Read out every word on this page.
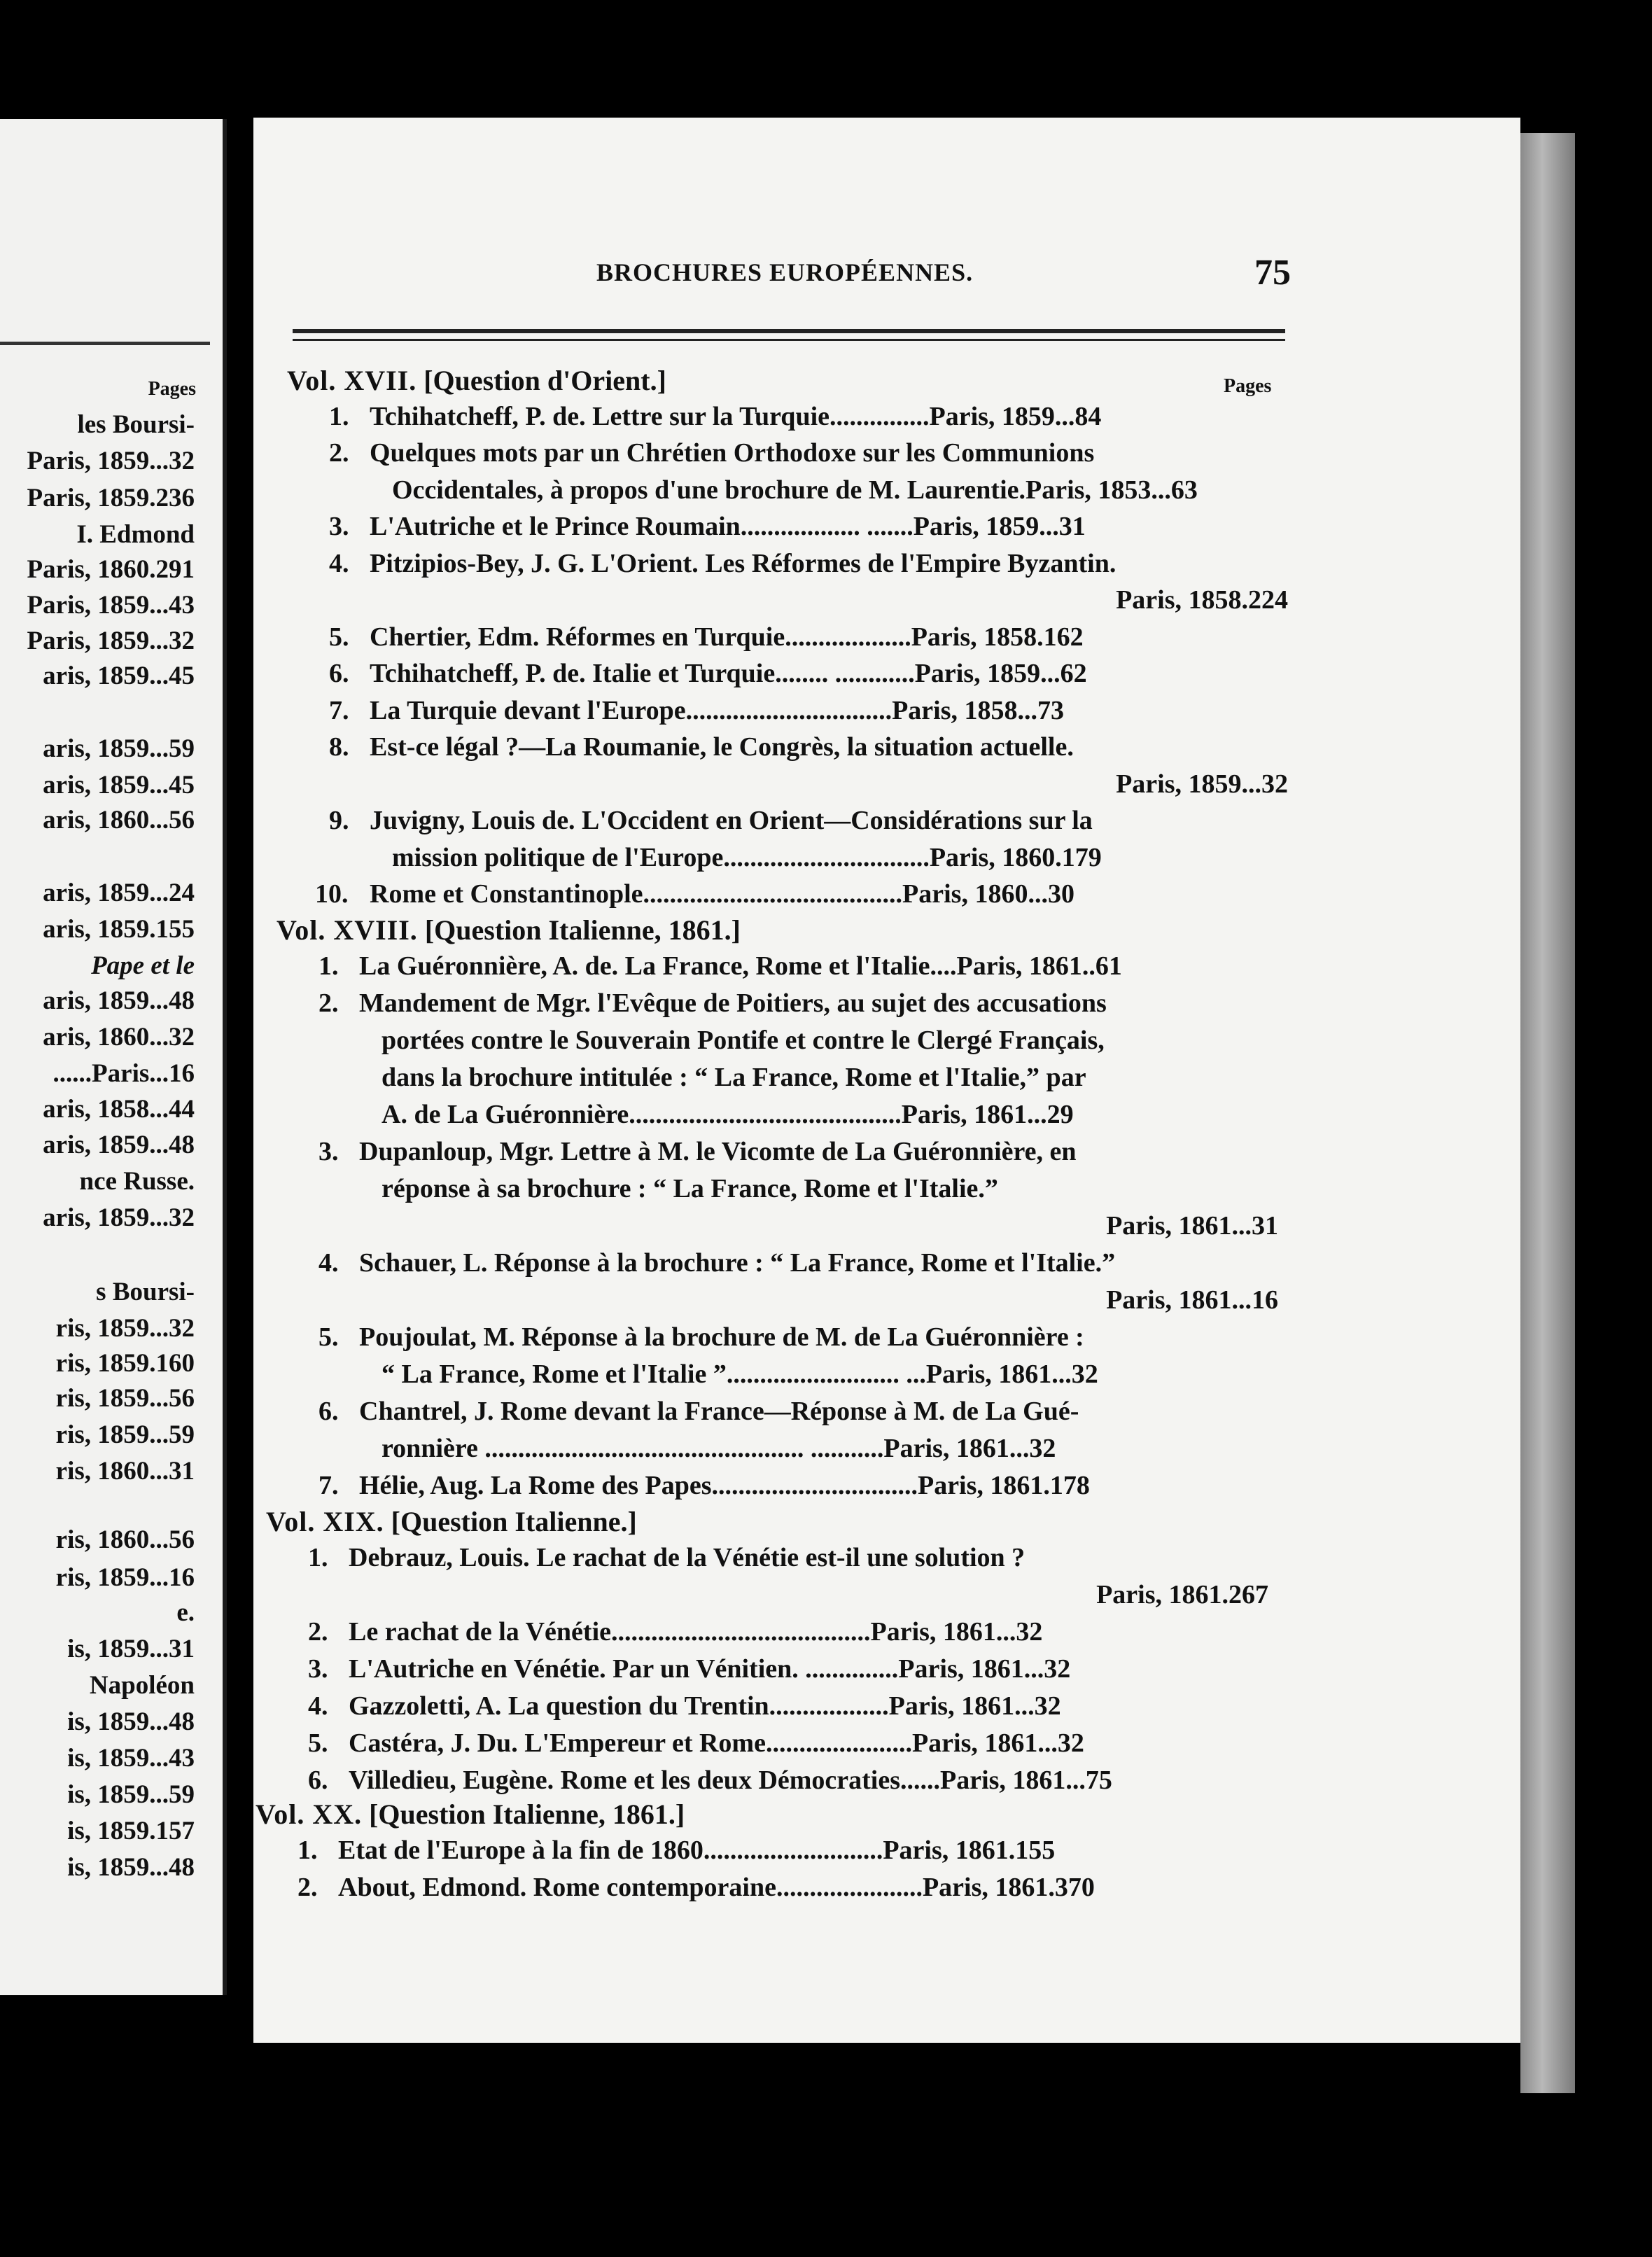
Pages
les Boursi-
Paris, 1859...32
Paris, 1859.236
I. Edmond
Paris, 1860.291
Paris, 1859...43
Paris, 1859...32
aris, 1859...45
aris, 1859...59
aris, 1859...45
aris, 1860...56
aris, 1859...24
aris, 1859.155
Pape et le
aris, 1859...48
aris, 1860...32
......Paris...16
aris, 1858...44
aris, 1859...48
nce Russe.
aris, 1859...32
s Boursi-
ris, 1859...32
ris, 1859.160
ris, 1859...56
ris, 1859...59
ris, 1860...31
ris, 1860...56
ris, 1859...16
e.
is, 1859...31
Napoléon
is, 1859...48
is, 1859...43
is, 1859...59
is, 1859.157
is, 1859...48
BROCHURES EUROPÉENNES.	75
Pages
Vol. XVII. [Question d'Orient.]
1. Tchihatcheff, P. de. Lettre sur la Turquie...............Paris, 1859...84
2. Quelques mots par un Chrétien Orthodoxe sur les Communions
Occidentales, à propos d'une brochure de M. Laurentie.Paris, 1853...63
3. L'Autriche et le Prince Roumain.................. .......Paris, 1859...31
4. Pitzipios-Bey, J. G. L'Orient. Les Réformes de l'Empire Byzantin.
Paris, 1858.224
5. Chertier, Edm. Réformes en Turquie...................Paris, 1858.162
6. Tchihatcheff, P. de. Italie et Turquie........ ............Paris, 1859...62
7. La Turquie devant l'Europe...............................Paris, 1858...73
8. Est-ce légal ?—La Roumanie, le Congrès, la situation actuelle.
Paris, 1859...32
9. Juvigny, Louis de. L'Occident en Orient—Considérations sur la
mission politique de l'Europe...............................Paris, 1860.179
10. Rome et Constantinople.......................................Paris, 1860...30
Vol. XVIII. [Question Italienne, 1861.]
1. La Guéronnière, A. de. La France, Rome et l'Italie....Paris, 1861..61
2. Mandement de Mgr. l'Evêque de Poitiers, au sujet des accusations
portées contre le Souverain Pontife et contre le Clergé Français,
dans la brochure intitulée : “ La France, Rome et l'Italie,” par
A. de La Guéronnière.........................................Paris, 1861...29
3. Dupanloup, Mgr. Lettre à M. le Vicomte de La Guéronnière, en
réponse à sa brochure : “ La France, Rome et l'Italie.”
Paris, 1861...31
4. Schauer, L. Réponse à la brochure : “ La France, Rome et l'Italie.”
Paris, 1861...16
5. Poujoulat, M. Réponse à la brochure de M. de La Guéronnière :
“ La France, Rome et l'Italie ”.......................... ...Paris, 1861...32
6. Chantrel, J. Rome devant la France—Réponse à M. de La Gué-
ronnière ................................................ ...........Paris, 1861...32
7. Hélie, Aug. La Rome des Papes...............................Paris, 1861.178
Vol. XIX. [Question Italienne.]
1. Debrauz, Louis. Le rachat de la Vénétie est-il une solution ?
Paris, 1861.267
2. Le rachat de la Vénétie.......................................Paris, 1861...32
3. L'Autriche en Vénétie. Par un Vénitien. ..............Paris, 1861...32
4. Gazzoletti, A. La question du Trentin..................Paris, 1861...32
5. Castéra, J. Du. L'Empereur et Rome......................Paris, 1861...32
6. Villedieu, Eugène. Rome et les deux Démocraties......Paris, 1861...75
Vol. XX. [Question Italienne, 1861.]
1. Etat de l'Europe à la fin de 1860...........................Paris, 1861.155
2. About, Edmond. Rome contemporaine......................Paris, 1861.370
